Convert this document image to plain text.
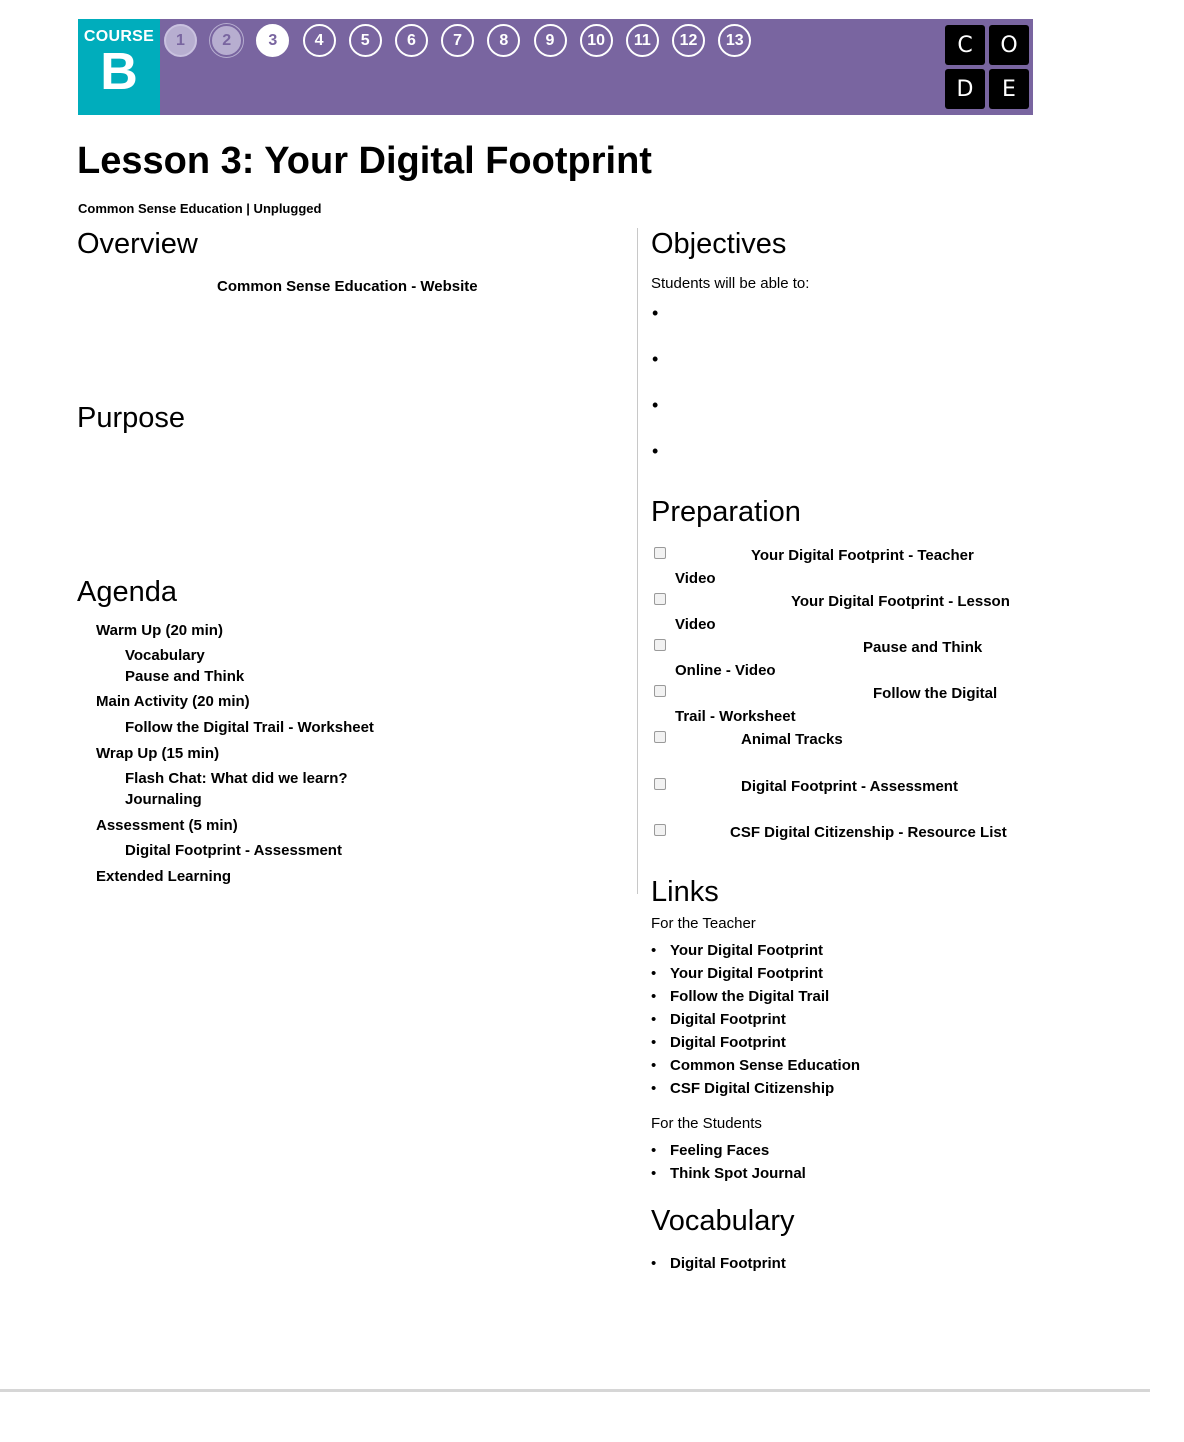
COURSE
B
1	2	3	4	5	6	7	8	9	10	11	12	13	C	O
D	E
Lesson 3: Your Digital Footprint
Common Sense Education | Unplugged
Overview
Common Sense Education - Website
Purpose
Agenda
Warm Up (20 min)
Vocabulary
Pause and Think
Main Activity (20 min)
Follow the Digital Trail - Worksheet
Wrap Up (15 min)
Flash Chat: What did we learn?
Journaling
Assessment (5 min)
Digital Footprint - Assessment
Extended Learning
Objectives
Students will be able to:
•
•
•
•
Preparation
Your Digital Footprint - Teacher
Video
Your Digital Footprint - Lesson
Video
Pause and Think
Online - Video
Follow the Digital
Trail - Worksheet
Animal Tracks
Digital Footprint - Assessment
CSF Digital Citizenship - Resource List
Links
For the Teacher
• Your Digital Footprint
• Your Digital Footprint
• Follow the Digital Trail
• Digital Footprint
• Digital Footprint
• Common Sense Education
• CSF Digital Citizenship
For the Students
• Feeling Faces
• Think Spot Journal
Vocabulary
• Digital Footprint
